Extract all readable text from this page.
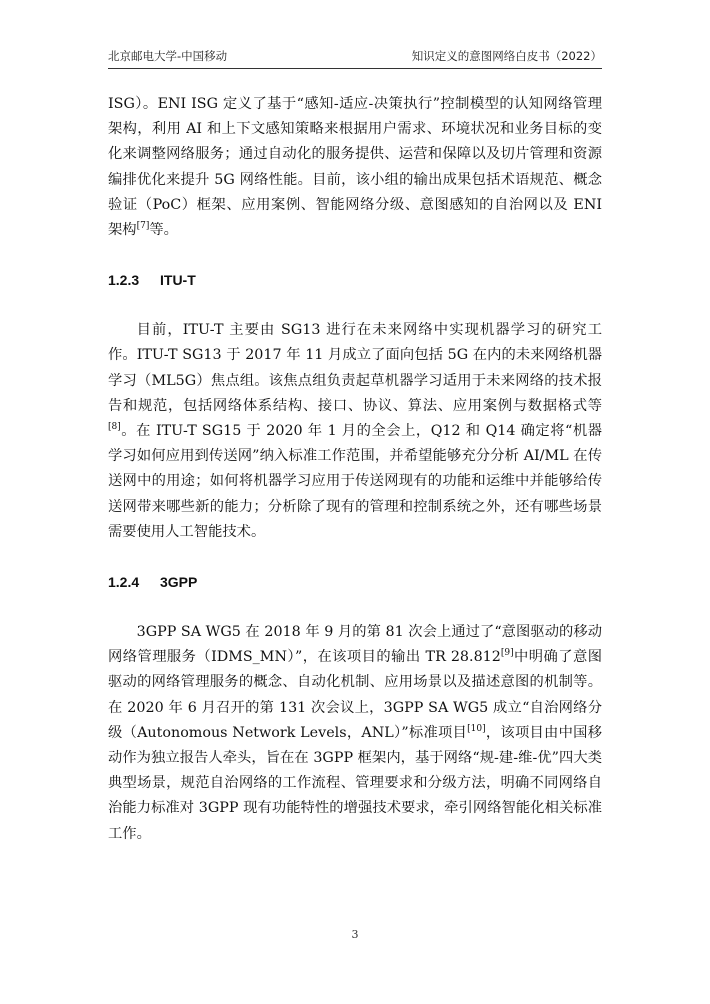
北京邮电大学-中国移动	知识定义的意图网络白皮书（2022）

ISG）。ENI ISG 定义了基于“感知-适应-决策执行”控制模型的认知网络管理架构，利用 AI 和上下文感知策略来根据用户需求、环境状况和业务目标的变化来调整网络服务；通过自动化的服务提供、运营和保障以及切片管理和资源编排优化来提升 5G 网络性能。目前，该小组的输出成果包括术语规范、概念验证（PoC）框架、应用案例、智能网络分级、意图感知的自治网以及 ENI 架构[7]等。

1.2.3 ITU-T

目前，ITU-T 主要由 SG13 进行在未来网络中实现机器学习的研究工作。ITU-T SG13 于 2017 年 11 月成立了面向包括 5G 在内的未来网络机器学习（ML5G）焦点组。该焦点组负责起草机器学习适用于未来网络的技术报告和规范，包括网络体系结构、接口、协议、算法、应用案例与数据格式等[8]。在 ITU-T SG15 于 2020 年 1 月的全会上，Q12 和 Q14 确定将“机器学习如何应用到传送网”纳入标准工作范围，并希望能够充分分析 AI/ML 在传送网中的用途；如何将机器学习应用于传送网现有的功能和运维中并能够给传送网带来哪些新的能力；分析除了现有的管理和控制系统之外，还有哪些场景需要使用人工智能技术。

1.2.4 3GPP

3GPP SA WG5 在 2018 年 9 月的第 81 次会上通过了“意图驱动的移动网络管理服务（IDMS_MN）”，在该项目的输出 TR 28.812[9]中明确了意图驱动的网络管理服务的概念、自动化机制、应用场景以及描述意图的机制等。在 2020 年 6 月召开的第 131 次会议上，3GPP SA WG5 成立“自治网络分级（Autonomous Network Levels，ANL）”标准项目[10]，该项目由中国移动作为独立报告人牵头，旨在在 3GPP 框架内，基于网络“规-建-维-优”四大类典型场景，规范自治网络的工作流程、管理要求和分级方法，明确不同网络自治能力标准对 3GPP 现有功能特性的增强技术要求，牵引网络智能化相关标准工作。

3
